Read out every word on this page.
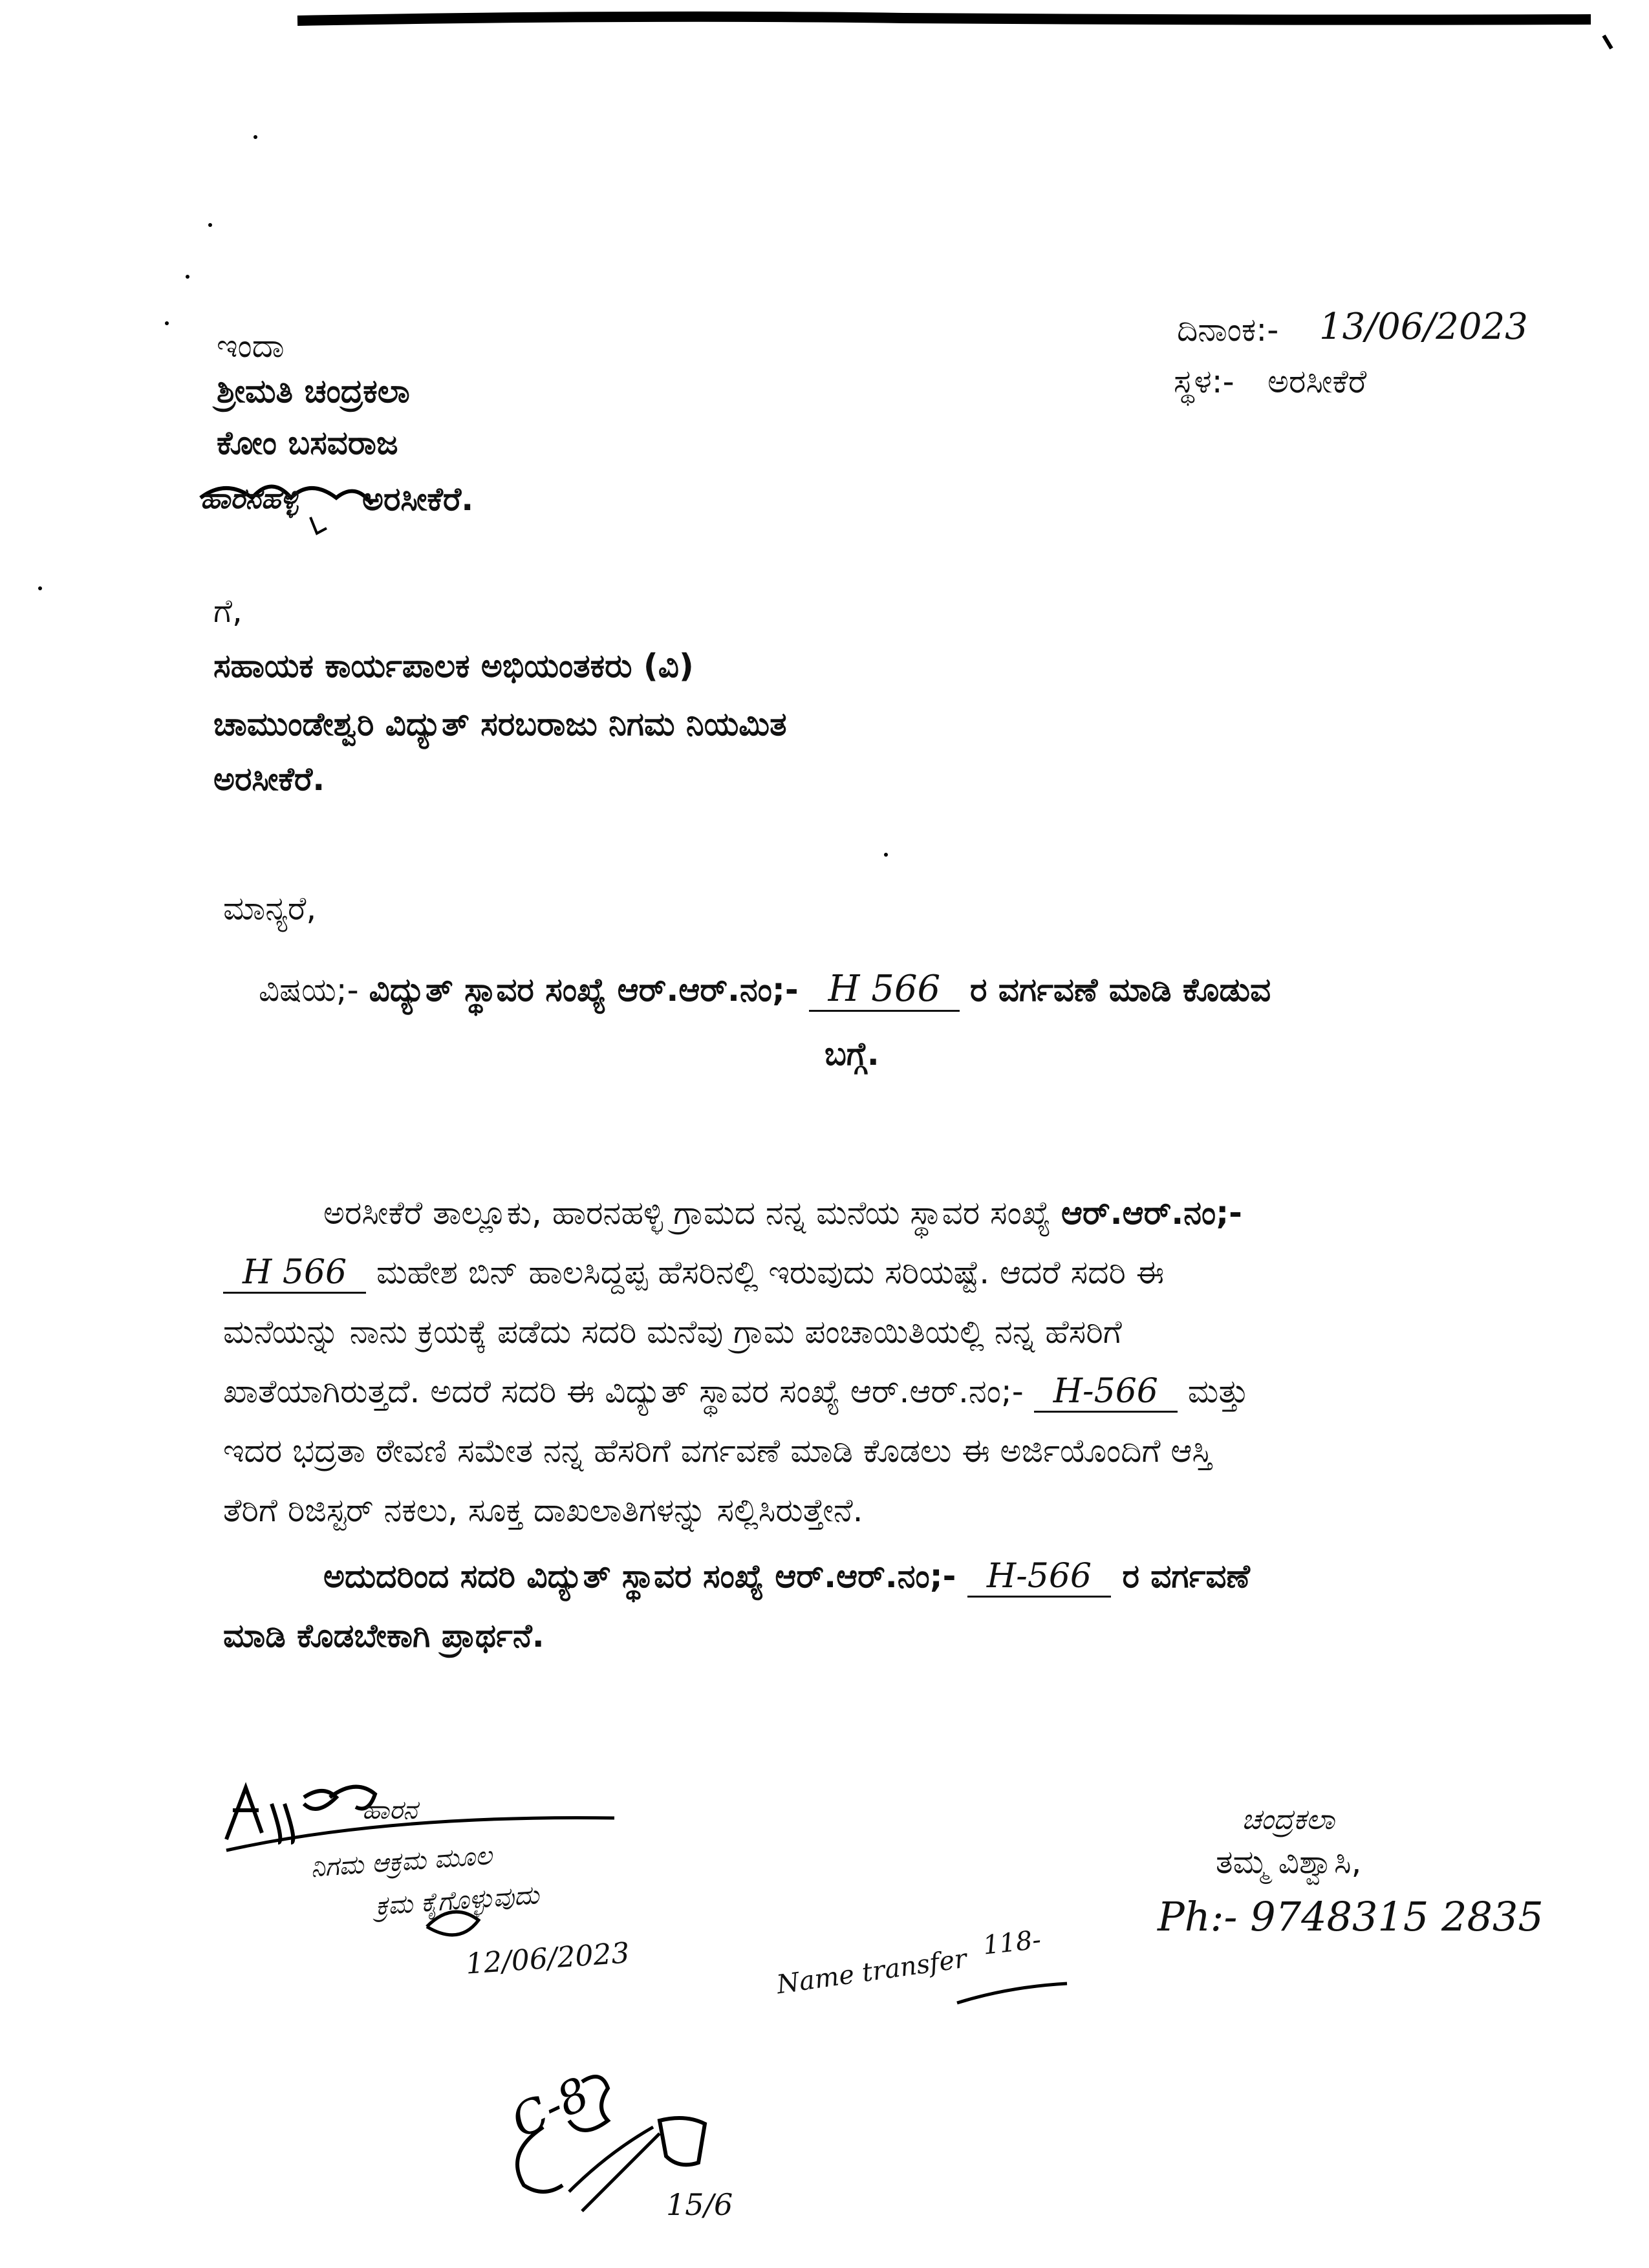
ಇಂದಾ
ಶ್ರೀಮತಿ ಚಂದ್ರಕಲಾ
ಕೋಂ ಬಸವರಾಜ
ಹಾರನಹಳ್ಳಿ ಅರಸೀಕೆರೆ.
ದಿನಾಂಕ:- 13/06/2023
ಸ್ಥಳ:- ಅರಸೀಕೆರೆ
ಗೆ,
ಸಹಾಯಕ ಕಾರ್ಯಪಾಲಕ ಅಭಿಯಂತಕರು (ವಿ)
ಚಾಮುಂಡೇಶ್ವರಿ ವಿದ್ಯುತ್ ಸರಬರಾಜು ನಿಗಮ ನಿಯಮಿತ
ಅರಸೀಕೆರೆ.
ಮಾನ್ಯರೆ,
ವಿಷಯ;- ವಿದ್ಯುತ್ ಸ್ಥಾವರ ಸಂಖ್ಯೆ ಆರ್.ಆರ್.ನಂ;- H 566 ರ ವರ್ಗವಣೆ ಮಾಡಿ ಕೊಡುವ
ಬಗ್ಗೆ.
ಅರಸೀಕೆರೆ ತಾಲ್ಲೂಕು, ಹಾರನಹಳ್ಳಿ ಗ್ರಾಮದ ನನ್ನ ಮನೆಯ ಸ್ಥಾವರ ಸಂಖ್ಯೆ ಆರ್.ಆರ್.ನಂ;-
H 566 ಮಹೇಶ ಬಿನ್ ಹಾಲಸಿದ್ದಪ್ಪ ಹೆಸರಿನಲ್ಲಿ ಇರುವುದು ಸರಿಯಷ್ಟೆ. ಆದರೆ ಸದರಿ ಈ
ಮನೆಯನ್ನು ನಾನು ಕ್ರಯಕ್ಕೆ ಪಡೆದು ಸದರಿ ಮನೆವು ಗ್ರಾಮ ಪಂಚಾಯಿತಿಯಲ್ಲಿ ನನ್ನ ಹೆಸರಿಗೆ
ಖಾತೆಯಾಗಿರುತ್ತದೆ. ಅದರೆ ಸದರಿ ಈ ವಿದ್ಯುತ್ ಸ್ಥಾವರ ಸಂಖ್ಯೆ ಆರ್.ಆರ್.ನಂ;- H-566 ಮತ್ತು
ಇದರ ಭದ್ರತಾ ಠೇವಣಿ ಸಮೇತ ನನ್ನ ಹೆಸರಿಗೆ ವರ್ಗವಣೆ ಮಾಡಿ ಕೊಡಲು ಈ ಅರ್ಜಿಯೊಂದಿಗೆ ಆಸ್ತಿ
ತೆರಿಗೆ ರಿಜಿಸ್ಟರ್ ನಕಲು, ಸೂಕ್ತ ದಾಖಲಾತಿಗಳನ್ನು ಸಲ್ಲಿಸಿರುತ್ತೇನೆ.
ಅದುದರಿಂದ ಸದರಿ ವಿದ್ಯುತ್ ಸ್ಥಾವರ ಸಂಖ್ಯೆ ಆರ್.ಆರ್.ನಂ;- H-566 ರ ವರ್ಗವಣೆ
ಮಾಡಿ ಕೊಡಬೇಕಾಗಿ ಪ್ರಾರ್ಥನೆ.
ಚಂದ್ರಕಲಾ
ತಮ್ಮ ವಿಶ್ವಾಸಿ,
Ph:- 9748315 2835
ಹಾರನ
ನಿಗಮ ಆಕ್ರಮ ಮೂಲ
ಕ್ರಮ ಕೈಗೊಳ್ಳುವುದು
12/06/2023	Name transfer
118-
C-8
15/6
